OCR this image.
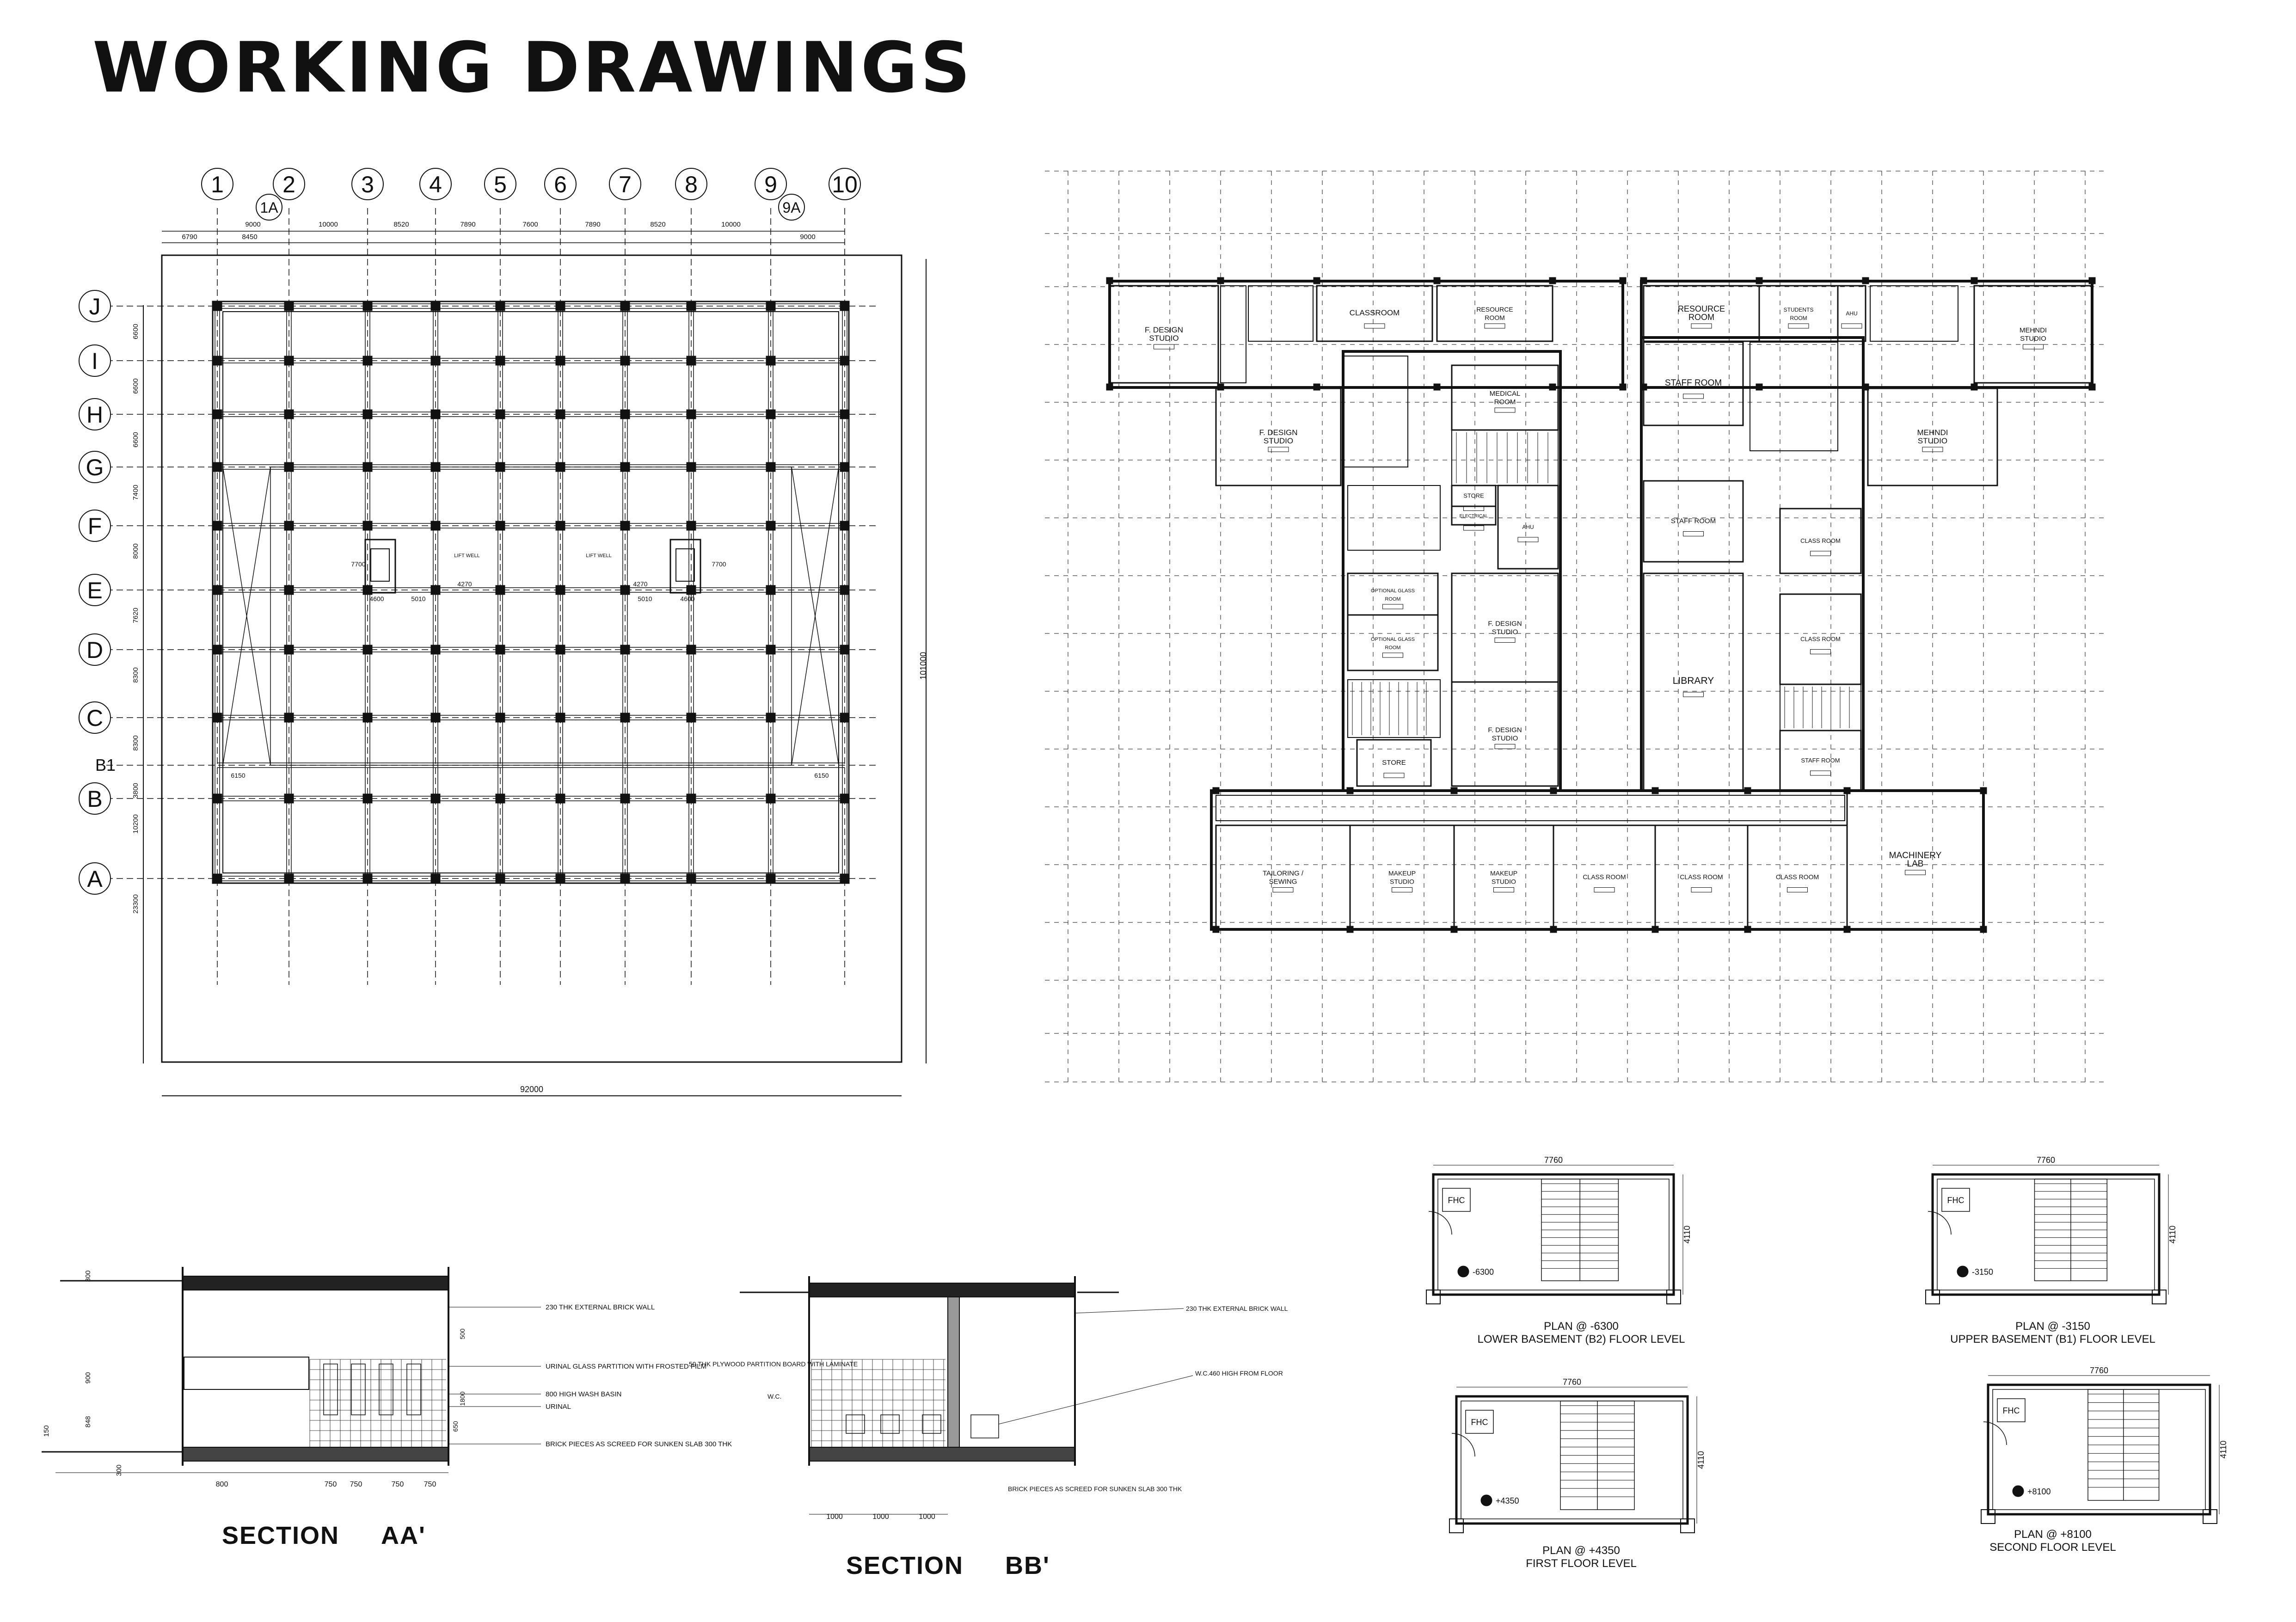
WORKING DRAWINGS
101000
92000
1	2	3 4 5 6 7 8	9 10
1A	9A
6790
9000
8450
10000	8520	7890	7600	7890	8520	10000
9000
J
6600
I
6600
H
6600
G
7400
F
8000
E
7620
D
8300
C
8300
B1
3800
B
10200
A
23300
LIFT WELL	LIFT WELL
4600	5010
4270	4270
5010	4600
6150	6150
7700	7700
F. DESIGN
STUDIO
CLASSROOM	RESOURCE
ROOM
F. DESIGN
STUDIO
MEDICAL
ROOM
STORE
ELECTRICAL
AHU
OPTIONAL GLASS
ROOM
OPTIONAL GLASS
ROOM
F. DESIGN
STUDIO
F. DESIGN
STUDIO
STORE
RESOURCE
ROOM
STUDENTS
ROOM
AHU
MEHNDI
STUDIO
STAFF ROOM
MEHNDI
STUDIO
STAFF ROOM
CLASS ROOM
LIBRARY
CLASS ROOM
STAFF ROOM
TAILORING /
SEWING
MAKEUP
STUDIO
MAKEUP
STUDIO
CLASS ROOM	CLASS ROOM	CLASS ROOM
MACHINERY
LAB
230 THK EXTERNAL BRICK WALL
URINAL GLASS PARTITION WITH FROSTED FILM
800 HIGH WASH BASIN
URINAL
BRICK PIECES AS SCREED FOR SUNKEN SLAB 300 THK
300
900
848
150
300
800	750 750	750	750
500
1800
650
230 THK EXTERNAL BRICK WALL
50 THK PLYWOOD PARTITION BOARD WITH LAMINATE
W.C.
W.C.460 HIGH FROM FLOOR
BRICK PIECES AS SCREED FOR SUNKEN SLAB 300 THK
1000	1000	1000
SECTION AA'
SECTION BB'
7760
4110
FHC
-6300
7760
4110
FHC
-3150
7760
4110
FHC
+4350
7760
4110
FHC
+8100
PLAN @ -6300
LOWER BASEMENT (B2) FLOOR LEVEL
PLAN @ -3150
UPPER BASEMENT (B1) FLOOR LEVEL
PLAN @ +4350
FIRST FLOOR LEVEL
PLAN @ +8100
SECOND FLOOR LEVEL
